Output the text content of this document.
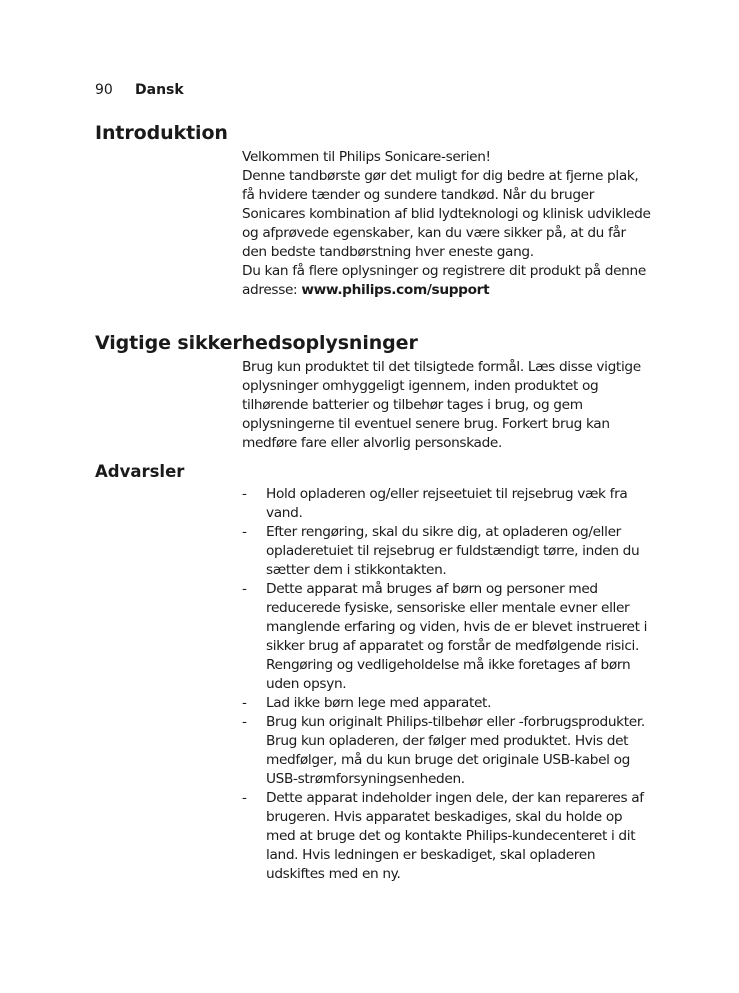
90	Dansk
Introduktion

Velkommen til Philips Sonicare-serien!

Denne tandbørste gør det muligt for dig bedre at fjerne plak, få hvidere tænder og sundere tandkød. Når du bruger Sonicares kombination af blid lydteknologi og klinisk udviklede og afprøvede egenskaber, kan du være sikker på, at du får den bedste tandbørstning hver eneste gang.

Du kan få flere oplysninger og registrere dit produkt på denne adresse: www.philips.com/support

Vigtige sikkerhedsoplysninger

Brug kun produktet til det tilsigtede formål. Læs disse vigtige oplysninger omhyggeligt igennem, inden produktet og tilhørende batterier og tilbehør tages i brug, og gem oplysningerne til eventuel senere brug. Forkert brug kan medføre fare eller alvorlig personskade.

Advarsler
- Hold opladeren og/eller rejseetuiet til rejsebrug væk fra vand.
- Efter rengøring, skal du sikre dig, at opladeren og/eller opladeretuiet til rejsebrug er fuldstændigt tørre, inden du sætter dem i stikkontakten.
- Dette apparat må bruges af børn og personer med reducerede fysiske, sensoriske eller mentale evner eller manglende erfaring og viden, hvis de er blevet instrueret i sikker brug af apparatet og forstår de medfølgende risici. Rengøring og vedligeholdelse må ikke foretages af børn uden opsyn.
- Lad ikke børn lege med apparatet.
- Brug kun originalt Philips-tilbehør eller -forbrugsprodukter. Brug kun opladeren, der følger med produktet. Hvis det medfølger, må du kun bruge det originale USB-kabel og USB-strømforsyningsenheden.
- Dette apparat indeholder ingen dele, der kan repareres af brugeren. Hvis apparatet beskadiges, skal du holde op med at bruge det og kontakte Philips-kundecenteret i dit land. Hvis ledningen er beskadiget, skal opladeren udskiftes med en ny.
